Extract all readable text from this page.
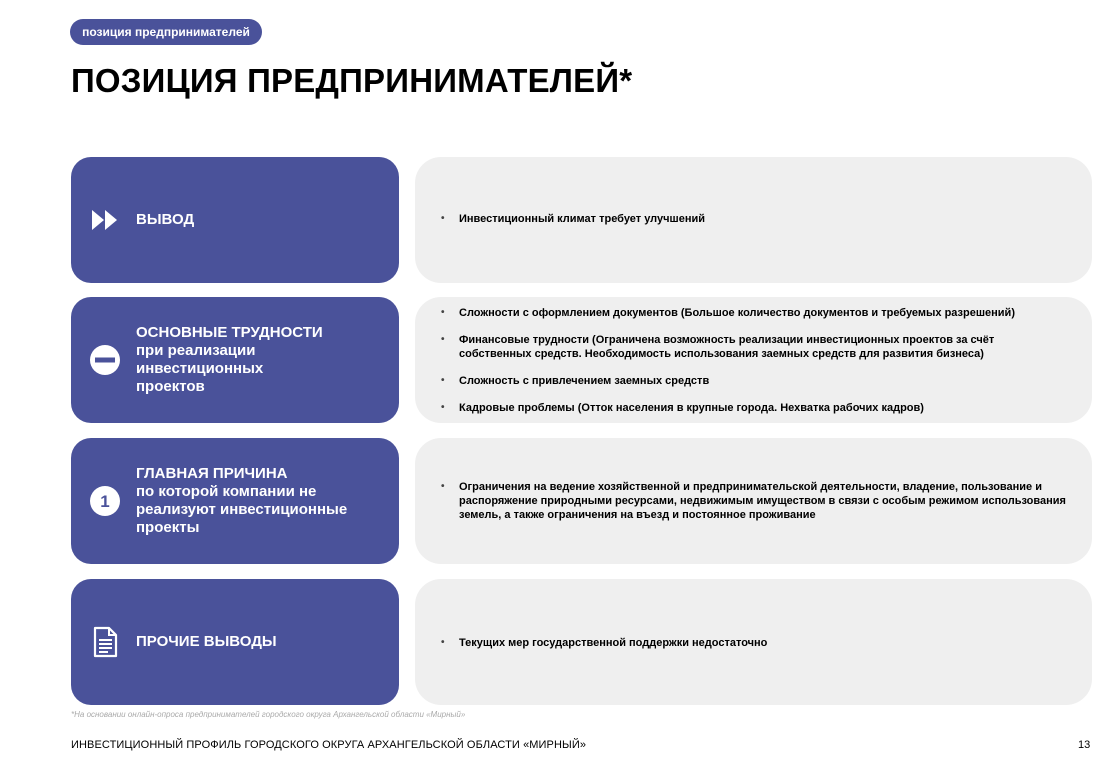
позиция предпринимателей
ПОЗИЦИЯ ПРЕДПРИНИМАТЕЛЕЙ*
ВЫВОД	• Инвестиционный климат требует улучшений
ОСНОВНЫЕ ТРУДНОСТИ
при реализации инвестиционных проектов
• Сложности с оформлением документов (Большое количество документов и требуемых разрешений)
• Финансовые трудности (Ограничена возможность реализации инвестиционных проектов за счёт собственных средств. Необходимость использования заемных средств для развития бизнеса)
• Сложность с привлечением заемных средств
• Кадровые проблемы (Отток населения в крупные города. Нехватка рабочих кадров)
1
ГЛАВНАЯ ПРИЧИНА
по которой компании не реализуют инвестиционные проекты
• Ограничения на ведение хозяйственной и предпринимательской деятельности, владение, пользование и распоряжение природными ресурсами, недвижимым имуществом в связи с особым режимом использования земель, а также ограничения на въезд и постоянное проживание
ПРОЧИЕ ВЫВОДЫ	• Текущих мер государственной поддержки недостаточно
*На основании онлайн-опроса предпринимателей городского округа Архангельской области «Мирный»
ИНВЕСТИЦИОННЫЙ ПРОФИЛЬ ГОРОДСКОГО ОКРУГА АРХАНГЕЛЬСКОЙ ОБЛАСТИ «МИРНЫЙ»	13
